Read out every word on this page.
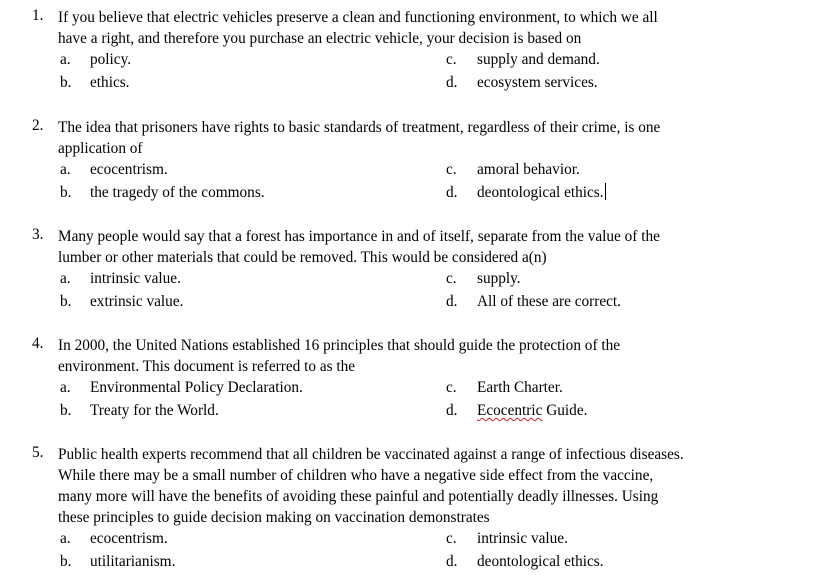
1. If you believe that electric vehicles preserve a clean and functioning environment, to which we all
have a right, and therefore you purchase an electric vehicle, your decision is based on
a. policy.	c. supply and demand.
b. ethics.	d. ecosystem services.
2. The idea that prisoners have rights to basic standards of treatment, regardless of their crime, is one
application of
a. ecocentrism.	c. amoral behavior.
b. the tragedy of the commons.	d. deontological ethics.
3. Many people would say that a forest has importance in and of itself, separate from the value of the
lumber or other materials that could be removed. This would be considered a(n)
a. intrinsic value.	c. supply.
b. extrinsic value.	d. All of these are correct.
4. In 2000, the United Nations established 16 principles that should guide the protection of the
environment. This document is referred to as the
a. Environmental Policy Declaration.	c. Earth Charter.
b. Treaty for the World.	d. Ecocentric Guide.
5. Public health experts recommend that all children be vaccinated against a range of infectious diseases.
While there may be a small number of children who have a negative side effect from the vaccine,
many more will have the benefits of avoiding these painful and potentially deadly illnesses. Using
these principles to guide decision making on vaccination demonstrates
a. ecocentrism.	c. intrinsic value.
b. utilitarianism.	d. deontological ethics.
